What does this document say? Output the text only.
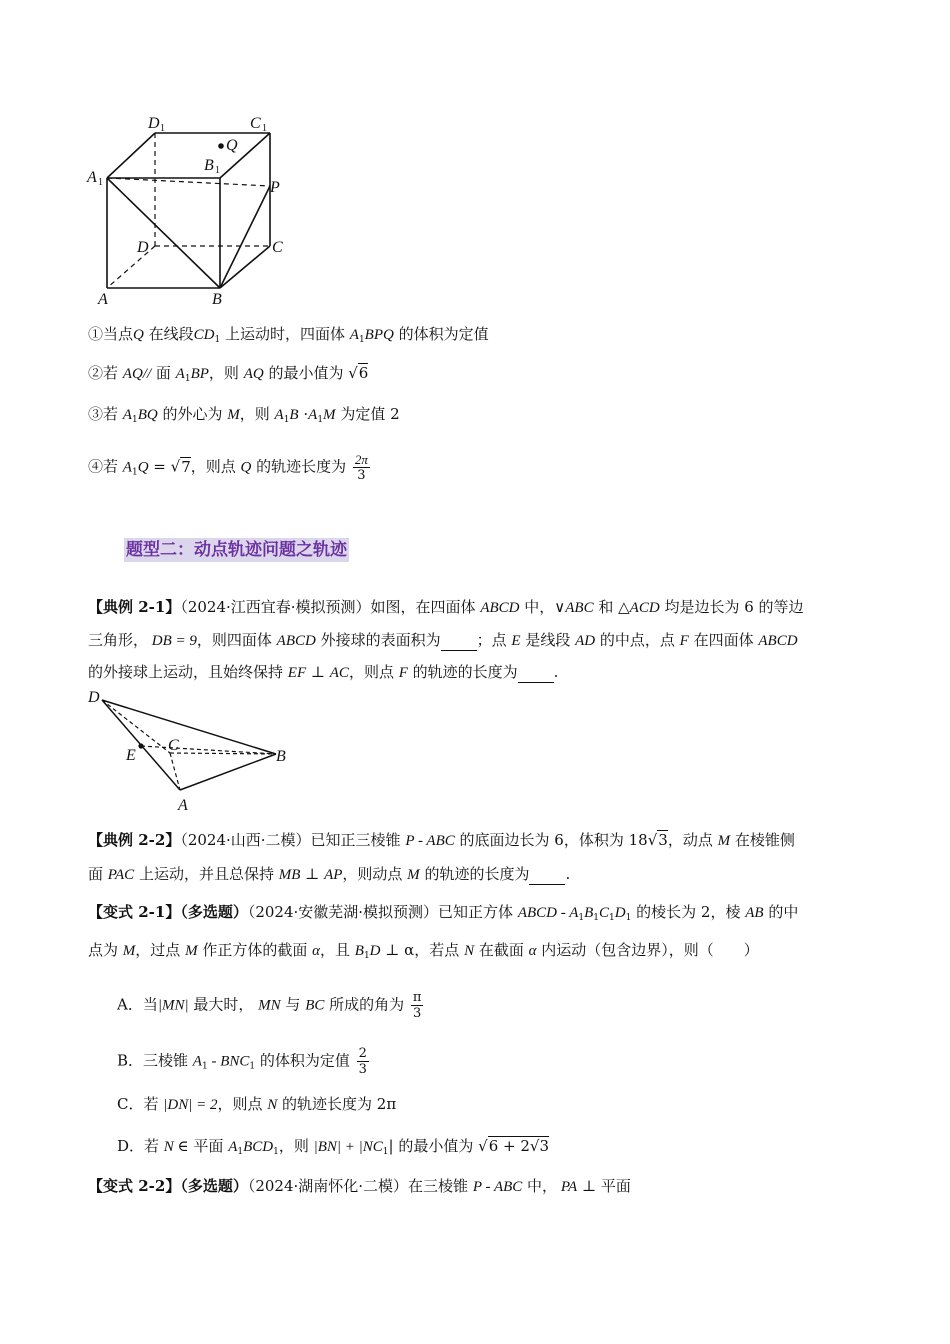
D 1	C 1
Q
B 1
A 1	P
D	C
A	B
①当点Q 在线段$CD_1$ 上运动时，四面体 $A_1BPQ$ 的体积为定值
②若 AQ// 面 $A_1BP$，则 AQ 的最小值为 √6
③若 $A_1BQ$ 的外心为 M，则 $A_1B \cdot A_1M$ 为定值 2
④若 $A_1Q = √7$，则点 Q 的轨迹长度为 $\frac{2\pi}{3}$
题型二：动点轨迹问题之轨迹
【典例 2-1】（2024·江西宜春·模拟预测）如图，在四面体 ABCD 中，∨ABC 和 △ACD 均是边长为 6 的等边
三角形， DB = 9，则四面体 ABCD 外接球的表面积为 ；点 E 是线段 AD 的中点，点 F 在四面体 ABCD
的外接球上运动，且始终保持 EF ⊥ AC，则点 F 的轨迹的长度为 .
D
E
C
B
A
【典例 2-2】（2024·山西·二模）已知正三棱锥 P - ABC 的底面边长为 6，体积为 18√3，动点 M 在棱锥侧
面 PAC 上运动，并且总保持 MB ⊥ AP，则动点 M 的轨迹的长度为 .
【变式 2-1】（多选题）（2024·安徽芜湖·模拟预测）已知正方体 ABCD - $A_1B_1C_1D_1$ 的棱长为 2，棱 AB 的中
点为 M，过点 M 作正方体的截面 α，且 $B_1D$ ⊥ α，若点 N 在截面 α 内运动（包含边界），则（　　）
A．当|MN| 最大时， MN 与 BC 所成的角为 $\frac{\pi}{3}$
B．三棱锥 $A_1 - BNC_1$ 的体积为定值 $\frac{2}{3}$
C．若 |DN| = 2，则点 N 的轨迹长度为 2π
D．若 N ∈ 平面 $A_1BCD_1$，则 $|BN| + |NC_1|$ 的最小值为 √6 + 2√3
【变式 2-2】（多选题）（2024·湖南怀化·二模）在三棱锥 P - ABC 中， PA ⊥ 平面
